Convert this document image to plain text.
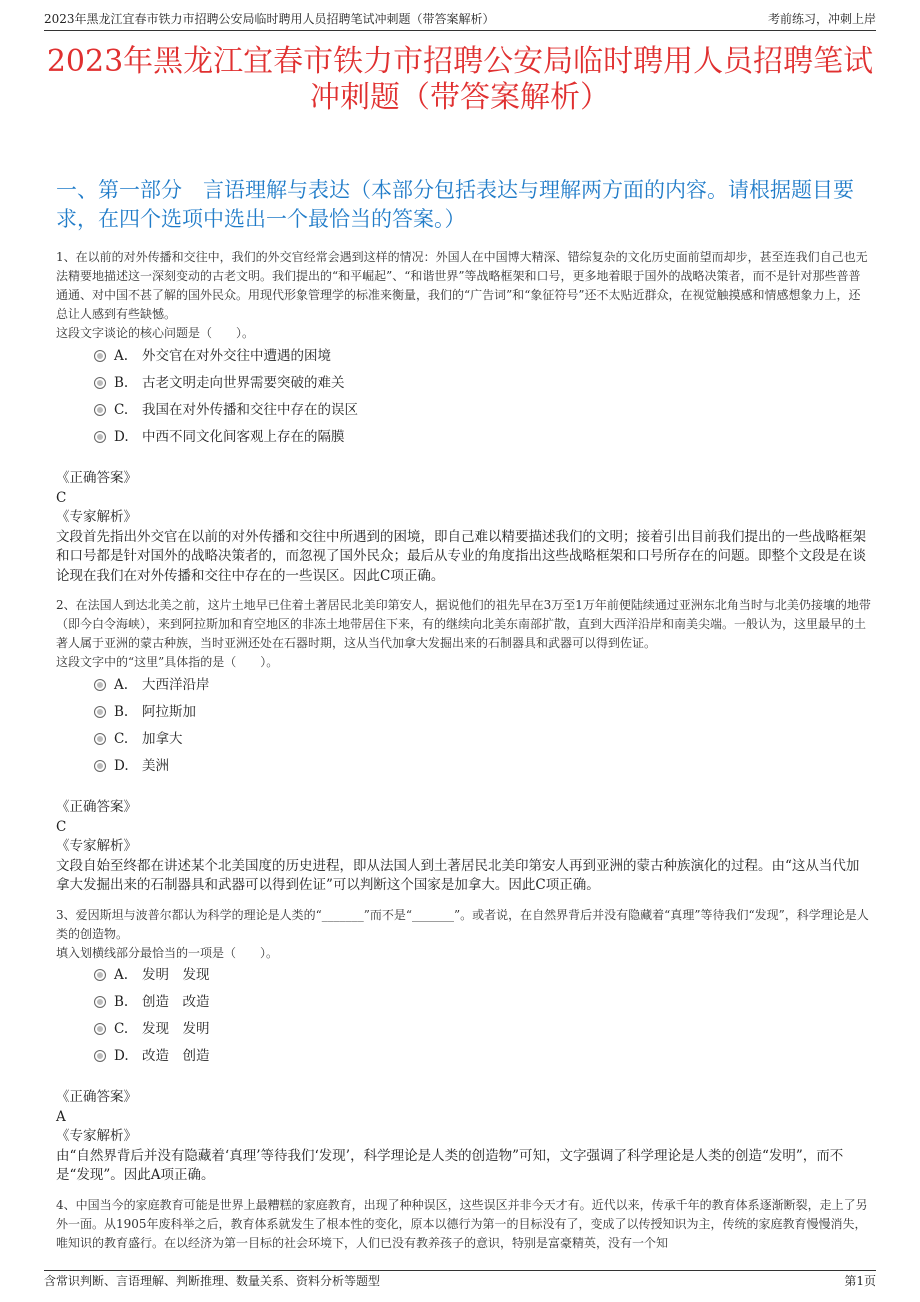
2023年黑龙江宜春市铁力市招聘公安局临时聘用人员招聘笔试冲刺题（带答案解析）	考前练习，冲刺上岸
2023年黑龙江宜春市铁力市招聘公安局临时聘用人员招聘笔试冲刺题（带答案解析）
一、第一部分　言语理解与表达（本部分包括表达与理解两方面的内容。请根据题目要求，在四个选项中选出一个最恰当的答案。）
1、在以前的对外传播和交往中，我们的外交官经常会遇到这样的情况：外国人在中国博大精深、错综复杂的文化历史面前望而却步，甚至连我们自己也无法精要地描述这一深刻变动的古老文明。我们提出的“和平崛起”、“和谐世界”等战略框架和口号，更多地着眼于国外的战略决策者，而不是针对那些普普通通、对中国不甚了解的国外民众。用现代形象管理学的标准来衡量，我们的“广告词”和“象征符号”还不太贴近群众，在视觉触摸感和情感想象力上，还总让人感到有些缺憾。
这段文字谈论的核心问题是（　　）。
A. 外交官在对外交往中遭遇的困境
B. 古老文明走向世界需要突破的难关
C. 我国在对外传播和交往中存在的误区
D. 中西不同文化间客观上存在的隔膜
《正确答案》
C
《专家解析》
文段首先指出外交官在以前的对外传播和交往中所遇到的困境，即自己难以精要描述我们的文明；接着引出目前我们提出的一些战略框架和口号都是针对国外的战略决策者的，而忽视了国外民众；最后从专业的角度指出这些战略框架和口号所存在的问题。即整个文段是在谈论现在我们在对外传播和交往中存在的一些误区。因此C项正确。
2、在法国人到达北美之前，这片土地早已住着土著居民北美印第安人，据说他们的祖先早在3万至1万年前便陆续通过亚洲东北角当时与北美仍接壤的地带（即今白令海峡），来到阿拉斯加和育空地区的非冻土地带居住下来，有的继续向北美东南部扩散，直到大西洋沿岸和南美尖端。一般认为，这里最早的土著人属于亚洲的蒙古种族，当时亚洲还处在石器时期，这从当代加拿大发掘出来的石制器具和武器可以得到佐证。
这段文字中的“这里”具体指的是（　　）。
A. 大西洋沿岸
B. 阿拉斯加
C. 加拿大
D. 美洲
《正确答案》
C
《专家解析》
文段自始至终都在讲述某个北美国度的历史进程，即从法国人到土著居民北美印第安人再到亚洲的蒙古种族演化的过程。由“这从当代加拿大发掘出来的石制器具和武器可以得到佐证”可以判断这个国家是加拿大。因此C项正确。
3、爱因斯坦与波普尔都认为科学的理论是人类的“_______”而不是“_______”。或者说，在自然界背后并没有隐藏着“真理”等待我们“发现”，科学理论是人类的创造物。
填入划横线部分最恰当的一项是（　　）。
A. 发明　发现
B. 创造　改造
C. 发现　发明
D. 改造　创造
《正确答案》
A
《专家解析》
由“自然界背后并没有隐藏着‘真理’等待我们‘发现’，科学理论是人类的创造物”可知，文字强调了科学理论是人类的创造“发明”，而不是“发现”。因此A项正确。
4、中国当今的家庭教育可能是世界上最糟糕的家庭教育，出现了种种误区，这些误区并非今天才有。近代以来，传承千年的教育体系逐渐断裂，走上了另外一面。从1905年废科举之后，教育体系就发生了根本性的变化，原本以德行为第一的目标没有了，变成了以传授知识为主，传统的家庭教育慢慢消失，唯知识的教育盛行。在以经济为第一目标的社会环境下，人们已没有教养孩子的意识，特别是富豪精英，没有一个知
含常识判断、言语理解、判断推理、数量关系、资料分析等题型	第1页
